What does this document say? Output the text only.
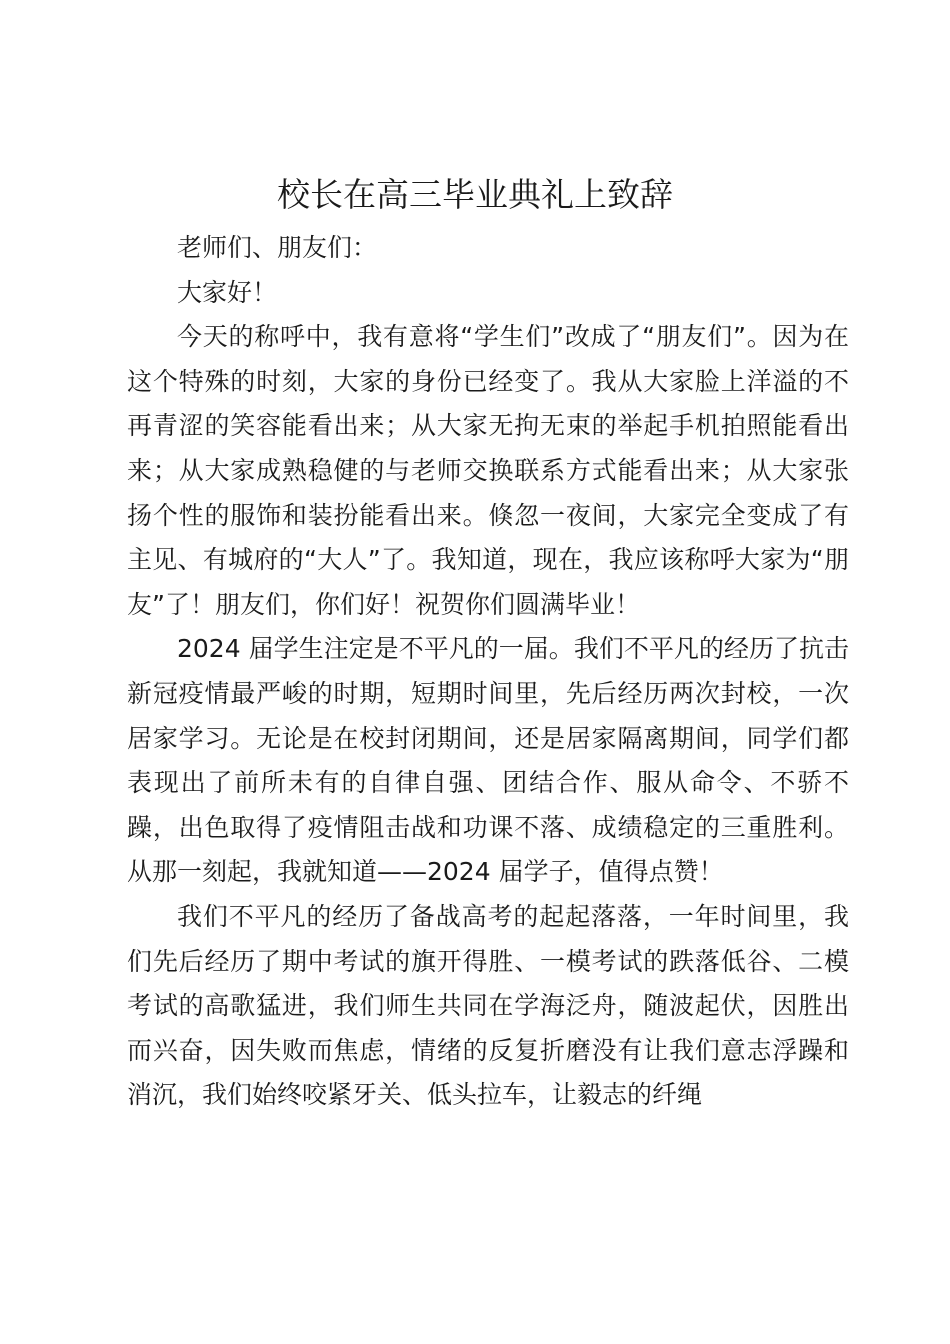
校长在高三毕业典礼上致辞

老师们、朋友们：

大家好！

今天的称呼中，我有意将“学生们”改成了“朋友们”。因为在这个特殊的时刻，大家的身份已经变了。我从大家脸上洋溢的不再青涩的笑容能看出来；从大家无拘无束的举起手机拍照能看出来；从大家成熟稳健的与老师交换联系方式能看出来；从大家张扬个性的服饰和装扮能看出来。倏忽一夜间，大家完全变成了有主见、有城府的“大人”了。我知道，现在，我应该称呼大家为“朋友”了！朋友们，你们好！祝贺你们圆满毕业！

2024 届学生注定是不平凡的一届。我们不平凡的经历了抗击新冠疫情最严峻的时期，短期时间里，先后经历两次封校，一次居家学习。无论是在校封闭期间，还是居家隔离期间，同学们都表现出了前所未有的自律自强、团结合作、服从命令、不骄不躁，出色取得了疫情阻击战和功课不落、成绩稳定的三重胜利。从那一刻起，我就知道——2024 届学子，值得点赞！

我们不平凡的经历了备战高考的起起落落，一年时间里，我们先后经历了期中考试的旗开得胜、一模考试的跌落低谷、二模考试的高歌猛进，我们师生共同在学海泛舟，随波起伏，因胜出而兴奋，因失败而焦虑，情绪的反复折磨没有让我们意志浮躁和消沉，我们始终咬紧牙关、低头拉车，让毅志的纤绳
